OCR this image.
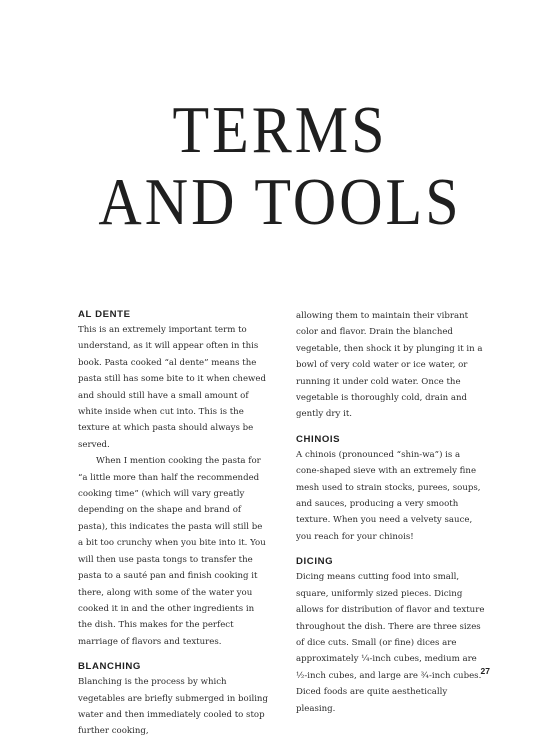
TERMS
AND TOOLS
AL DENTE

This is an extremely important term to understand, as it will appear often in this book. Pasta cooked “al dente” means the pasta still has some bite to it when chewed and should still have a small amount of white inside when cut into. This is the texture at which pasta should always be served.

When I mention cooking the pasta for “a little more than half the recommended cooking time” (which will vary greatly depending on the shape and brand of pasta), this indicates the pasta will still be a bit too crunchy when you bite into it. You will then use pasta tongs to transfer the pasta to a sauté pan and finish cooking it there, along with some of the water you cooked it in and the other ingredients in the dish. This makes for the perfect marriage of flavors and textures.

BLANCHING

Blanching is the process by which vegetables are briefly submerged in boiling water and then immediately cooled to stop further cooking,

allowing them to maintain their vibrant color and flavor. Drain the blanched vegetable, then shock it by plunging it in a bowl of very cold water or ice water, or running it under cold water. Once the vegetable is thoroughly cold, drain and gently dry it.

CHINOIS

A chinois (pronounced “shin-wa”) is a cone-shaped sieve with an extremely fine mesh used to strain stocks, purees, soups, and sauces, producing a very smooth texture. When you need a velvety sauce, you reach for your chinois!

DICING

Dicing means cutting food into small, square, uniformly sized pieces. Dicing allows for distribution of flavor and texture throughout the dish. There are three sizes of dice cuts. Small (or fine) dices are approximately ¼-inch cubes, medium are ½-inch cubes, and large are ¾-inch cubes. Diced foods are quite aesthetically pleasing.

27
